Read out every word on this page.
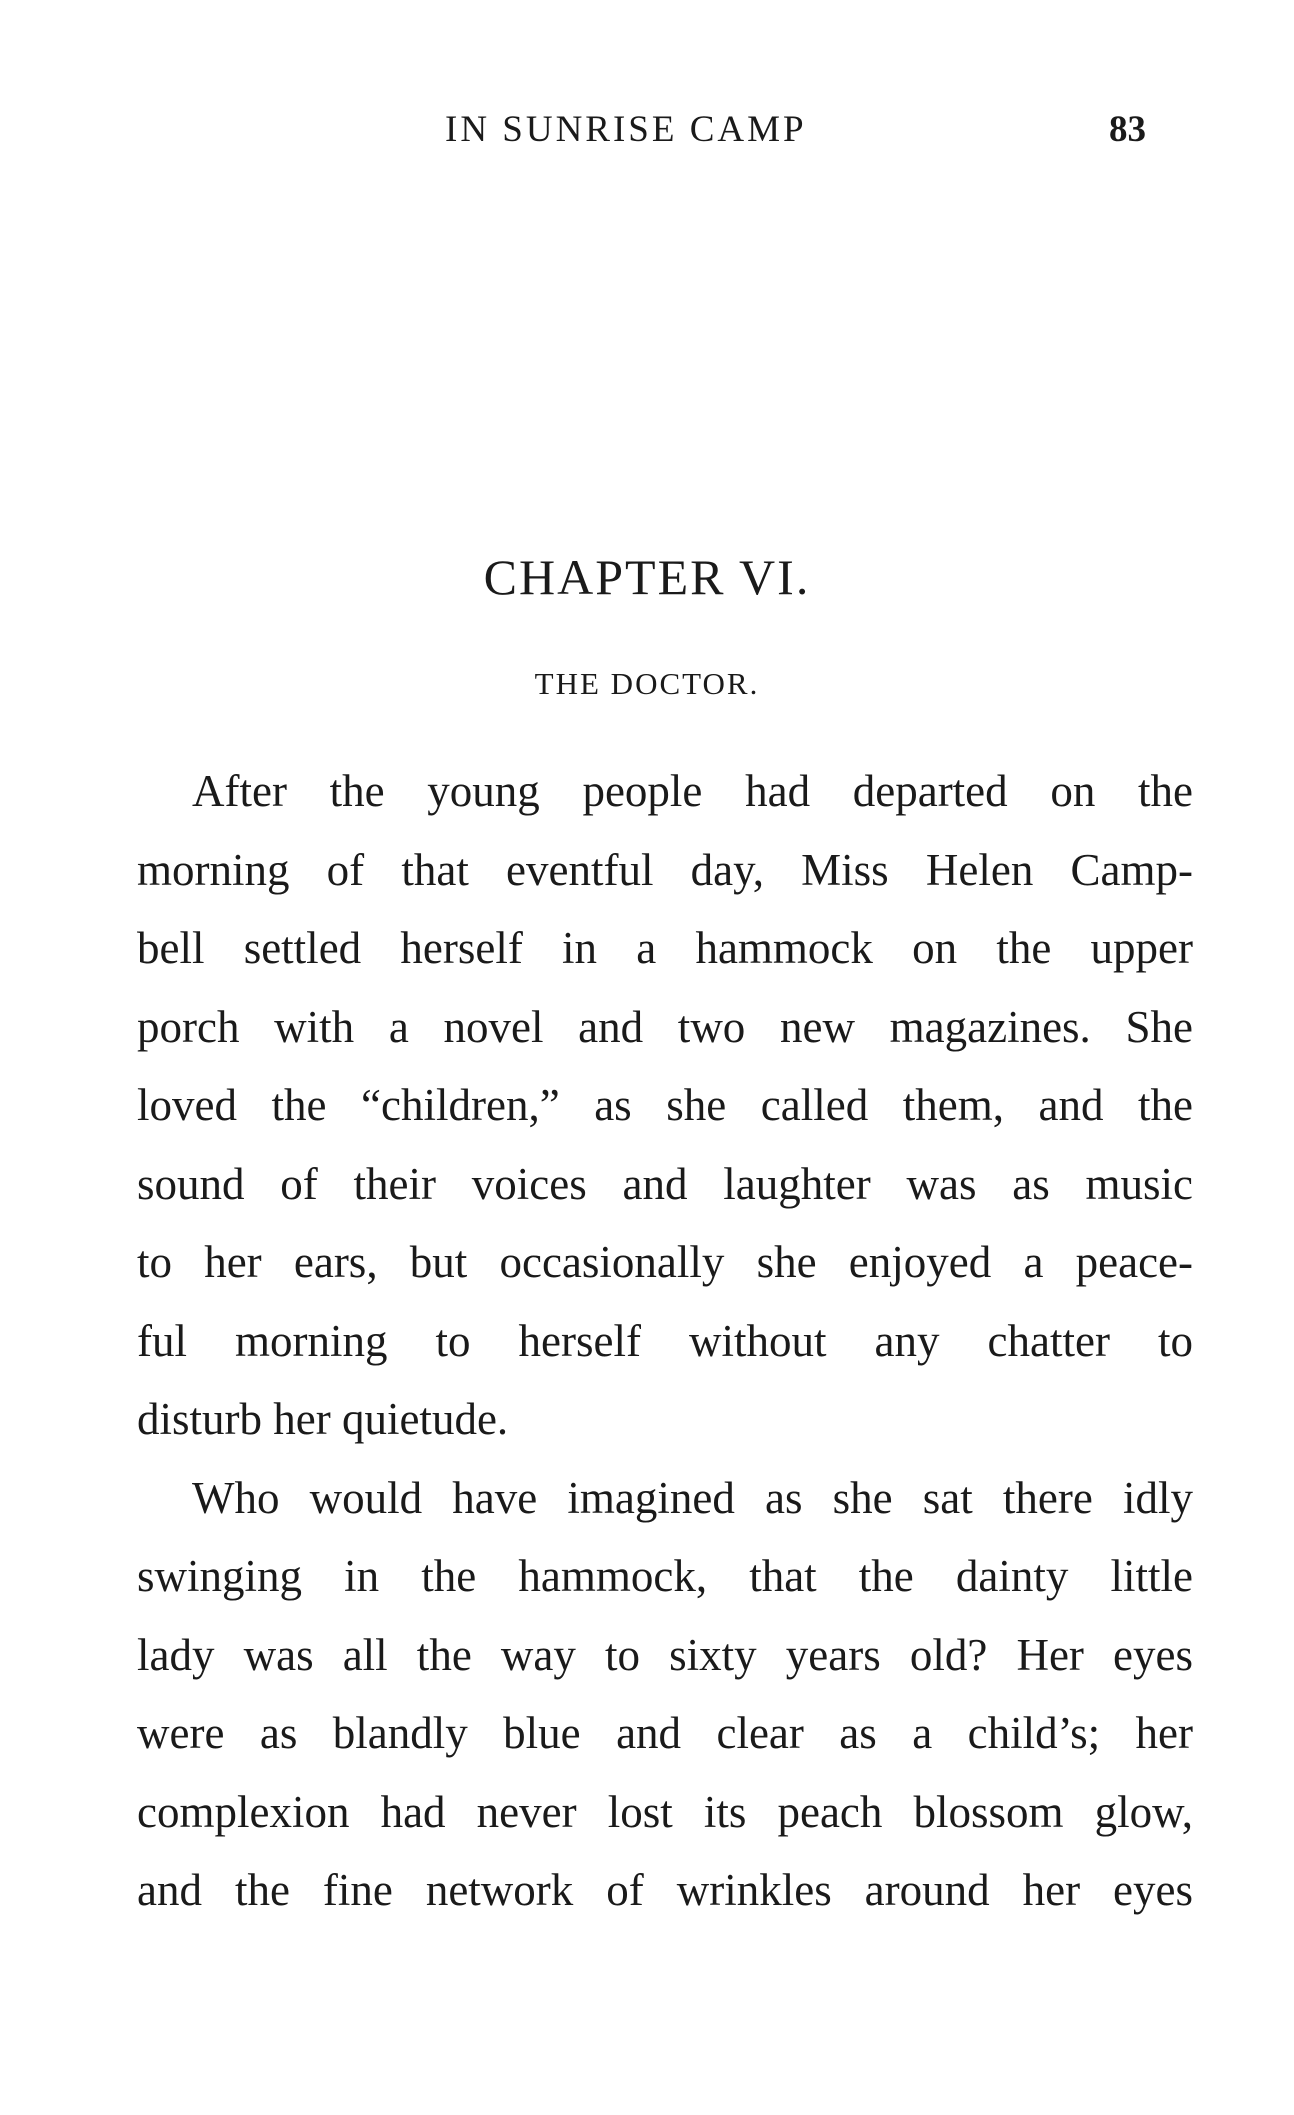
IN SUNRISE CAMP	83
CHAPTER VI.
THE DOCTOR.
After the young people had departed on the
morning of that eventful day, Miss Helen Camp-
bell settled herself in a hammock on the upper
porch with a novel and two new magazines. She
loved the “children,” as she called them, and the
sound of their voices and laughter was as music
to her ears, but occasionally she enjoyed a peace-
ful morning to herself without any chatter to
disturb her quietude.
Who would have imagined as she sat there idly
swinging in the hammock, that the dainty little
lady was all the way to sixty years old? Her eyes
were as blandly blue and clear as a child’s; her
complexion had never lost its peach blossom glow,
and the fine network of wrinkles around her eyes
